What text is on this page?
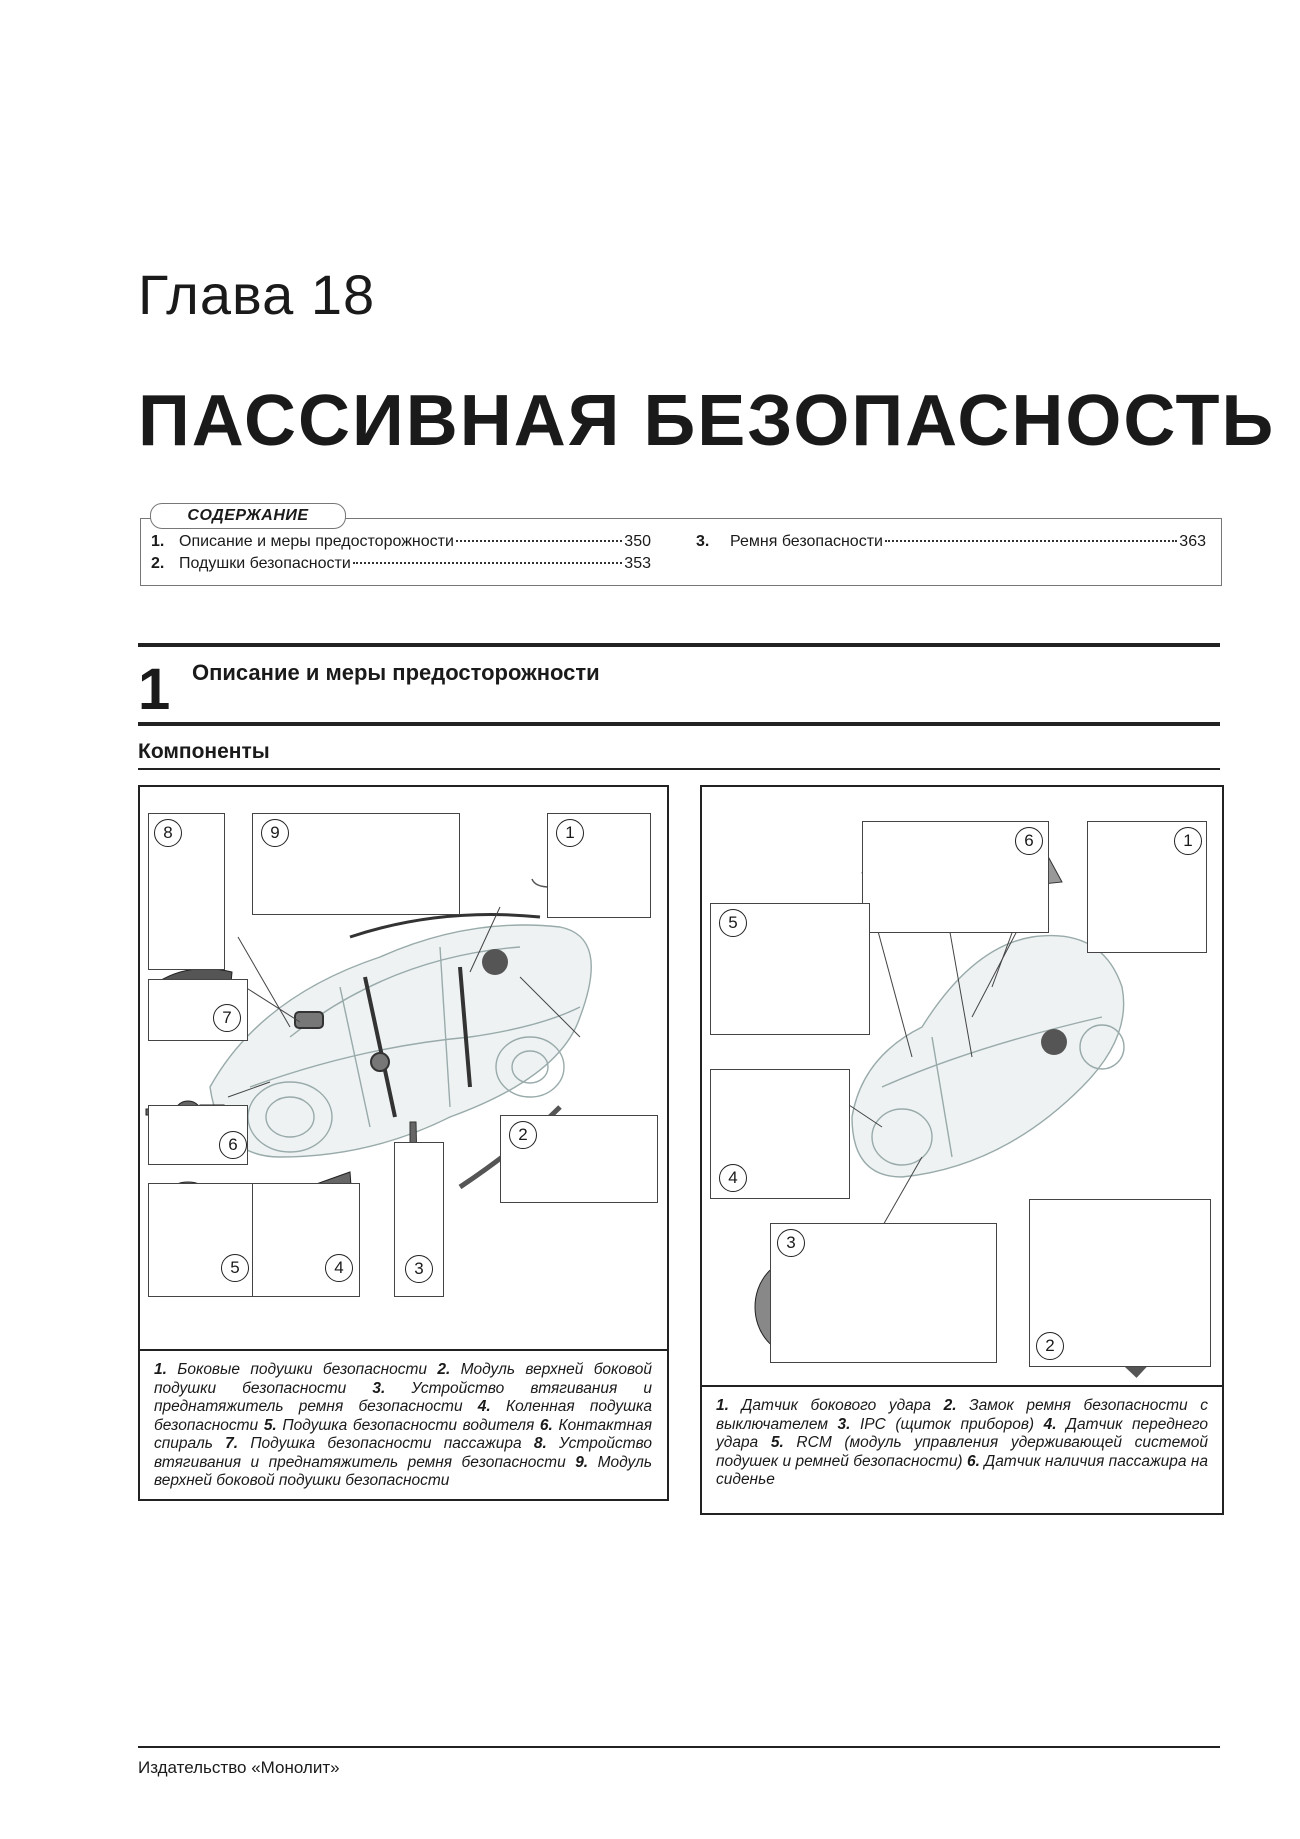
Глава 18
ПАССИВНАЯ БЕЗОПАСНОСТЬ
1. Описание и меры предосторожности	350
2. Подушки безопасности	353
3.	Ремня безопасности	363
СОДЕРЖАНИЕ
1 Описание и меры предосторожности
Компоненты
8	9	1
7
6
2
5	4	3
1. Боковые подушки безопасности 2. Модуль верхней боковой подушки безопасности 3. Устройство втягивания и преднатяжитель ремня безопасности 4. Коленная подушка безопасности 5. Подушка безопасности водителя 6. Контактная спираль 7. Подушка безопасности пассажира 8. Устройство втягивания и преднатяжитель ремня безопасности 9. Модуль верхней боковой подушки безопасности
6	1
5
4
3
2
1. Датчик бокового удара 2. Замок ремня безопасности с выключателем 3. IPC (щиток приборов) 4. Датчик переднего удара 5. RCM (модуль управления удерживающей системой подушек и ремней безопасности) 6. Датчик наличия пассажира на сиденье
Издательство «Монолит»
